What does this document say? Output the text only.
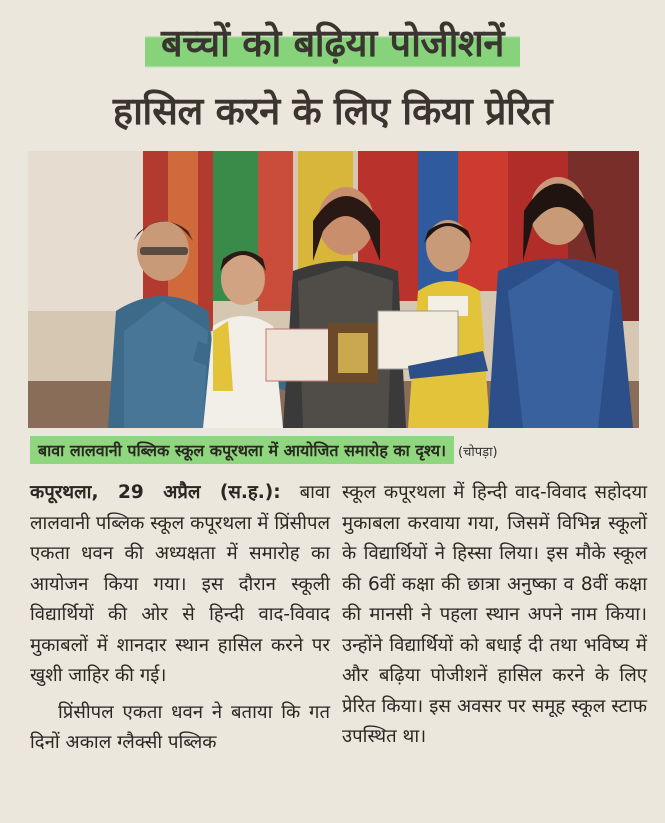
बच्चों को बढ़िया पोजीशनें
हासिल करने के लिए किया प्रेरित
बावा लालवानी पब्लिक स्कूल कपूरथला में आयोजित समारोह का दृश्य। (चोपड़ा)

कपूरथला, 29 अप्रैल (स.ह.): बावा लालवानी पब्लिक स्कूल कपूरथला में प्रिंसीपल एकता धवन की अध्यक्षता में समारोह का आयोजन किया गया। इस दौरान स्कूली विद्यार्थियों की ओर से हिन्दी वाद-विवाद मुकाबलों में शानदार स्थान हासिल करने पर खुशी जाहिर की गई।

प्रिंसीपल एकता धवन ने बताया कि गत दिनों अकाल ग्लैक्सी पब्लिक

स्कूल कपूरथला में हिन्दी वाद-विवाद सहोदया मुकाबला करवाया गया, जिसमें विभिन्न स्कूलों के विद्यार्थियों ने हिस्सा लिया। इस मौके स्कूल की 6वीं कक्षा की छात्रा अनुष्का व 8वीं कक्षा की मानसी ने पहला स्थान अपने नाम किया। उन्होंने विद्यार्थियों को बधाई दी तथा भविष्य में और बढ़िया पोजीशनें हासिल करने के लिए प्रेरित किया। इस अवसर पर समूह स्कूल स्टाफ उपस्थित था।
